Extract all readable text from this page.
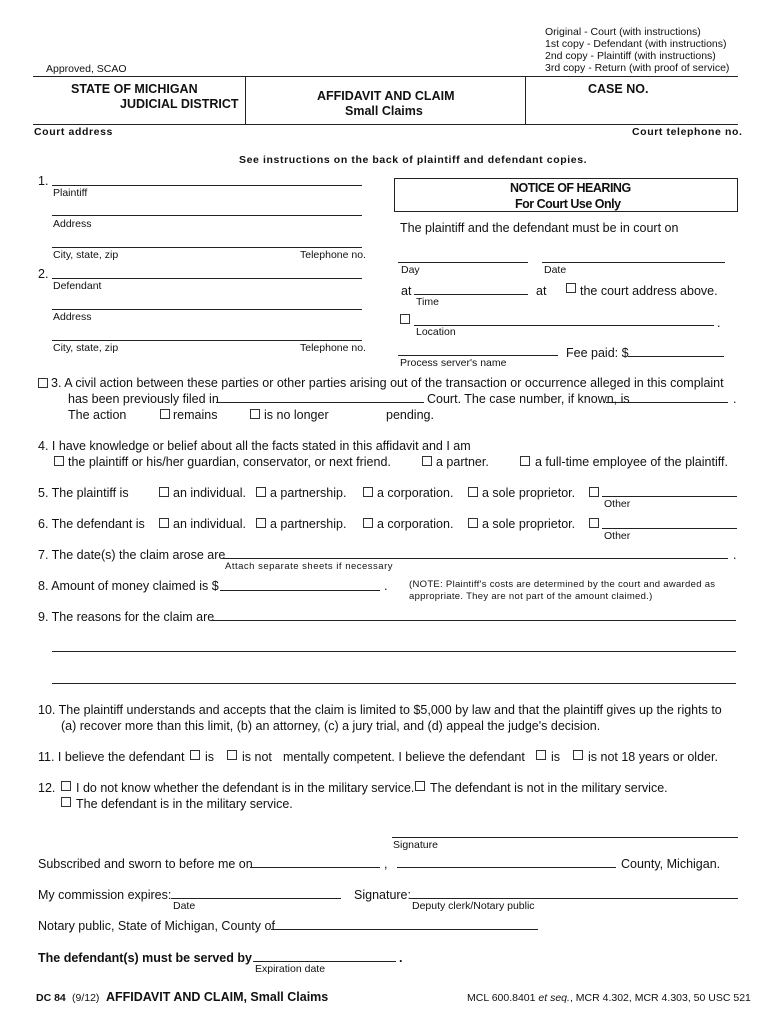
Original - Court (with instructions)
1st copy - Defendant (with instructions)
2nd copy - Plaintiff (with instructions)
3rd copy - Return (with proof of service)
Approved, SCAO
STATE OF MICHIGAN
JUDICIAL DISTRICT
AFFIDAVIT AND CLAIM
Small Claims
CASE NO.
Court address	Court telephone no.
See instructions on the back of plaintiff and defendant copies.
1.
Plaintiff
Address
City, state, zip	Telephone no.
2.
Defendant
Address
City, state, zip	Telephone no.
NOTICE OF HEARING
For Court Use Only
The plaintiff and the defendant must be in court on
Day	Date
at
Time
at	the court address above.
.
Location
Process server's name
Fee paid: $
3. A civil action between these parties or other parties arising out of the transaction or occurrence alleged in this complaint
has been previously filed in	Court. The case number, if known, is	.
The action	remains	is no longer	pending.
4. I have knowledge or belief about all the facts stated in this affidavit and I am
the plaintiff or his/her guardian, conservator, or next friend.	a partner.	a full-time employee of the plaintiff.
5. The plaintiff is	an individual. a partnership. a corporation. a sole proprietor.
Other
6. The defendant is an individual. a partnership. a corporation. a sole proprietor.
Other
7. The date(s) the claim arose are	.
Attach separate sheets if necessary
8. Amount of money claimed is $	. (NOTE: Plaintiff's costs are determined by the court and awarded as
appropriate. They are not part of the amount claimed.)
9. The reasons for the claim are
10. The plaintiff understands and accepts that the claim is limited to $5,000 by law and that the plaintiff gives up the rights to
(a) recover more than this limit, (b) an attorney, (c) a jury trial, and (d) appeal the judge's decision.
11. I believe the defendant is is not mentally competent. I believe the defendant is is not 18 years or older.
12. I do not know whether the defendant is in the military service. The defendant is not in the military service.
The defendant is in the military service.
Signature
Subscribed and sworn to before me on	,	County, Michigan.
My commission expires:
Date
Signature:
Deputy clerk/Notary public
Notary public, State of Michigan, County of
The defendant(s) must be served by	.
Expiration date
DC 84 (9/12) AFFIDAVIT AND CLAIM, Small Claims	MCL 600.8401 et seq., MCR 4.302, MCR 4.303, 50 USC 521
